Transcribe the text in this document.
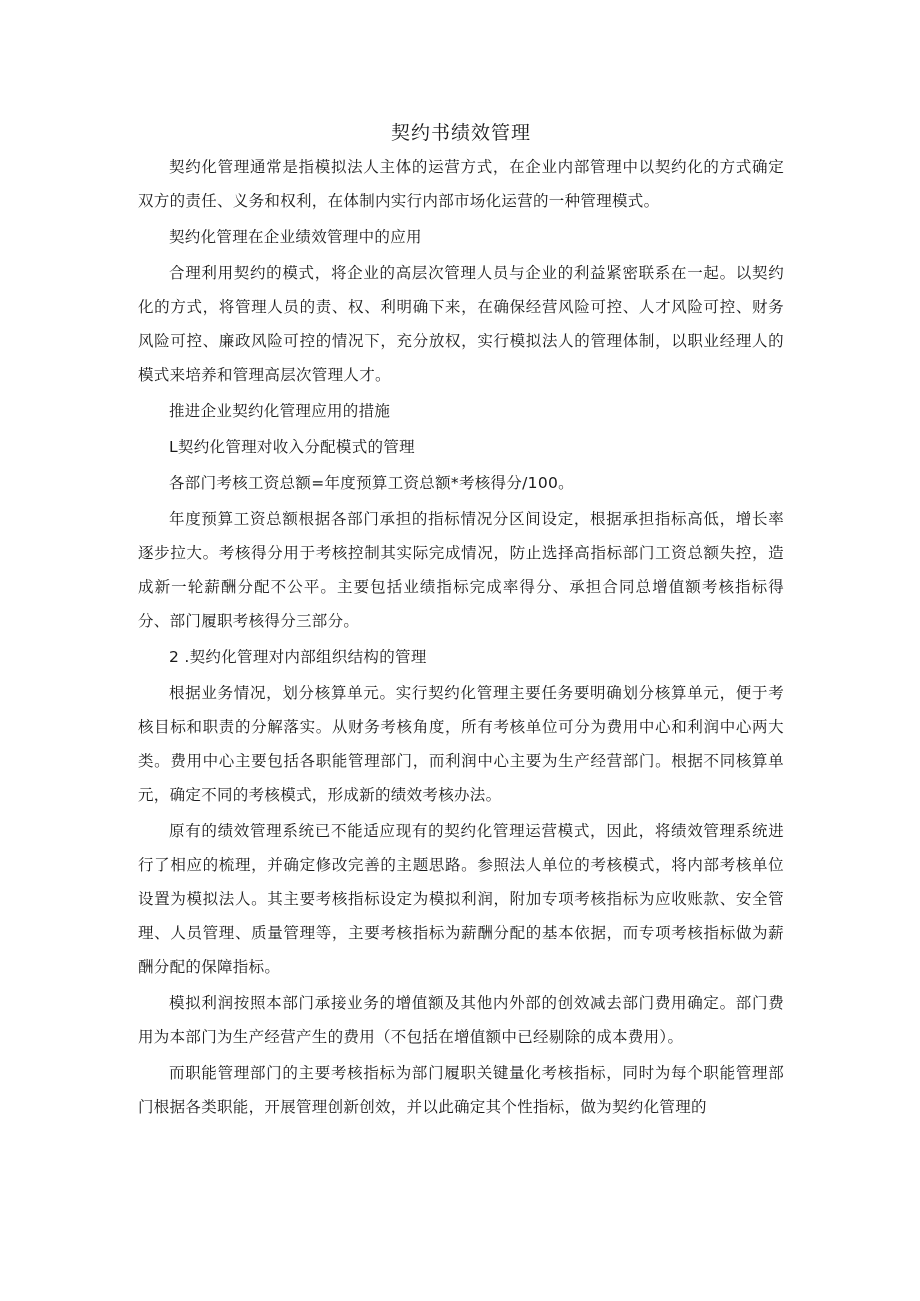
契约书绩效管理

契约化管理通常是指模拟法人主体的运营方式，在企业内部管理中以契约化的方式确定双方的责任、义务和权利，在体制内实行内部市场化运营的一种管理模式。

契约化管理在企业绩效管理中的应用

合理利用契约的模式，将企业的高层次管理人员与企业的利益紧密联系在一起。以契约化的方式，将管理人员的责、权、利明确下来，在确保经营风险可控、人才风险可控、财务风险可控、廉政风险可控的情况下，充分放权，实行模拟法人的管理体制，以职业经理人的模式来培养和管理高层次管理人才。

推进企业契约化管理应用的措施

L契约化管理对收入分配模式的管理

各部门考核工资总额=年度预算工资总额*考核得分/100。

年度预算工资总额根据各部门承担的指标情况分区间设定，根据承担指标高低，增长率逐步拉大。考核得分用于考核控制其实际完成情况，防止选择高指标部门工资总额失控，造成新一轮薪酬分配不公平。主要包括业绩指标完成率得分、承担合同总增值额考核指标得分、部门履职考核得分三部分。

2 .契约化管理对内部组织结构的管理

根据业务情况，划分核算单元。实行契约化管理主要任务要明确划分核算单元，便于考核目标和职责的分解落实。从财务考核角度，所有考核单位可分为费用中心和利润中心两大类。费用中心主要包括各职能管理部门，而利润中心主要为生产经营部门。根据不同核算单元，确定不同的考核模式，形成新的绩效考核办法。

原有的绩效管理系统已不能适应现有的契约化管理运营模式，因此，将绩效管理系统进行了相应的梳理，并确定修改完善的主题思路。参照法人单位的考核模式，将内部考核单位设置为模拟法人。其主要考核指标设定为模拟利润，附加专项考核指标为应收账款、安全管理、人员管理、质量管理等，主要考核指标为薪酬分配的基本依据，而专项考核指标做为薪酬分配的保障指标。

模拟利润按照本部门承接业务的增值额及其他内外部的创效减去部门费用确定。部门费用为本部门为生产经营产生的费用（不包括在增值额中已经剔除的成本费用）。

而职能管理部门的主要考核指标为部门履职关键量化考核指标，同时为每个职能管理部门根据各类职能，开展管理创新创效，并以此确定其个性指标，做为契约化管理的
